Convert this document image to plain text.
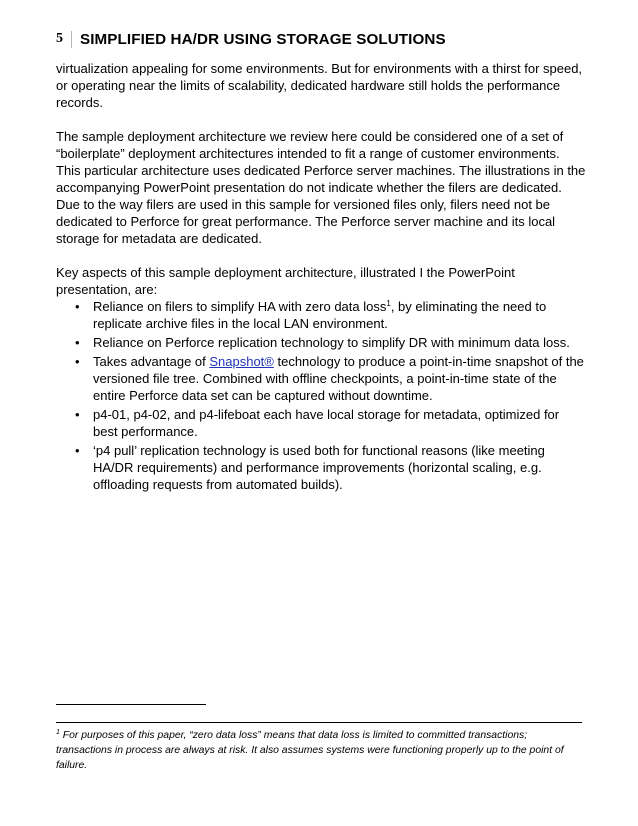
5 SIMPLIFIED HA/DR USING STORAGE SOLUTIONS

virtualization appealing for some environments. But for environments with a thirst for speed, or operating near the limits of scalability, dedicated hardware still holds the performance records.

The sample deployment architecture we review here could be considered one of a set of “boilerplate” deployment architectures intended to fit a range of customer environments. This particular architecture uses dedicated Perforce server machines. The illustrations in the accompanying PowerPoint presentation do not indicate whether the filers are dedicated. Due to the way filers are used in this sample for versioned files only, filers need not be dedicated to Perforce for great performance. The Perforce server machine and its local storage for metadata are dedicated.

Key aspects of this sample deployment architecture, illustrated I the PowerPoint presentation, are:

• Reliance on filers to simplify HA with zero data loss$^1$, by eliminating the need to replicate archive files in the local LAN environment.
• Reliance on Perforce replication technology to simplify DR with minimum data loss.
• Takes advantage of Snapshot® technology to produce a point-in-time snapshot of the versioned file tree. Combined with offline checkpoints, a point-in-time state of the entire Perforce data set can be captured without downtime.
• p4-01, p4-02, and p4-lifeboat each have local storage for metadata, optimized for best performance.
• ‘p4 pull’ replication technology is used both for functional reasons (like meeting HA/DR requirements) and performance improvements (horizontal scaling, e.g. offloading requests from automated builds).
$^1$ For purposes of this paper, “zero data loss” means that data loss is limited to committed transactions; transactions in process are always at risk. It also assumes systems were functioning properly up to the point of failure.
